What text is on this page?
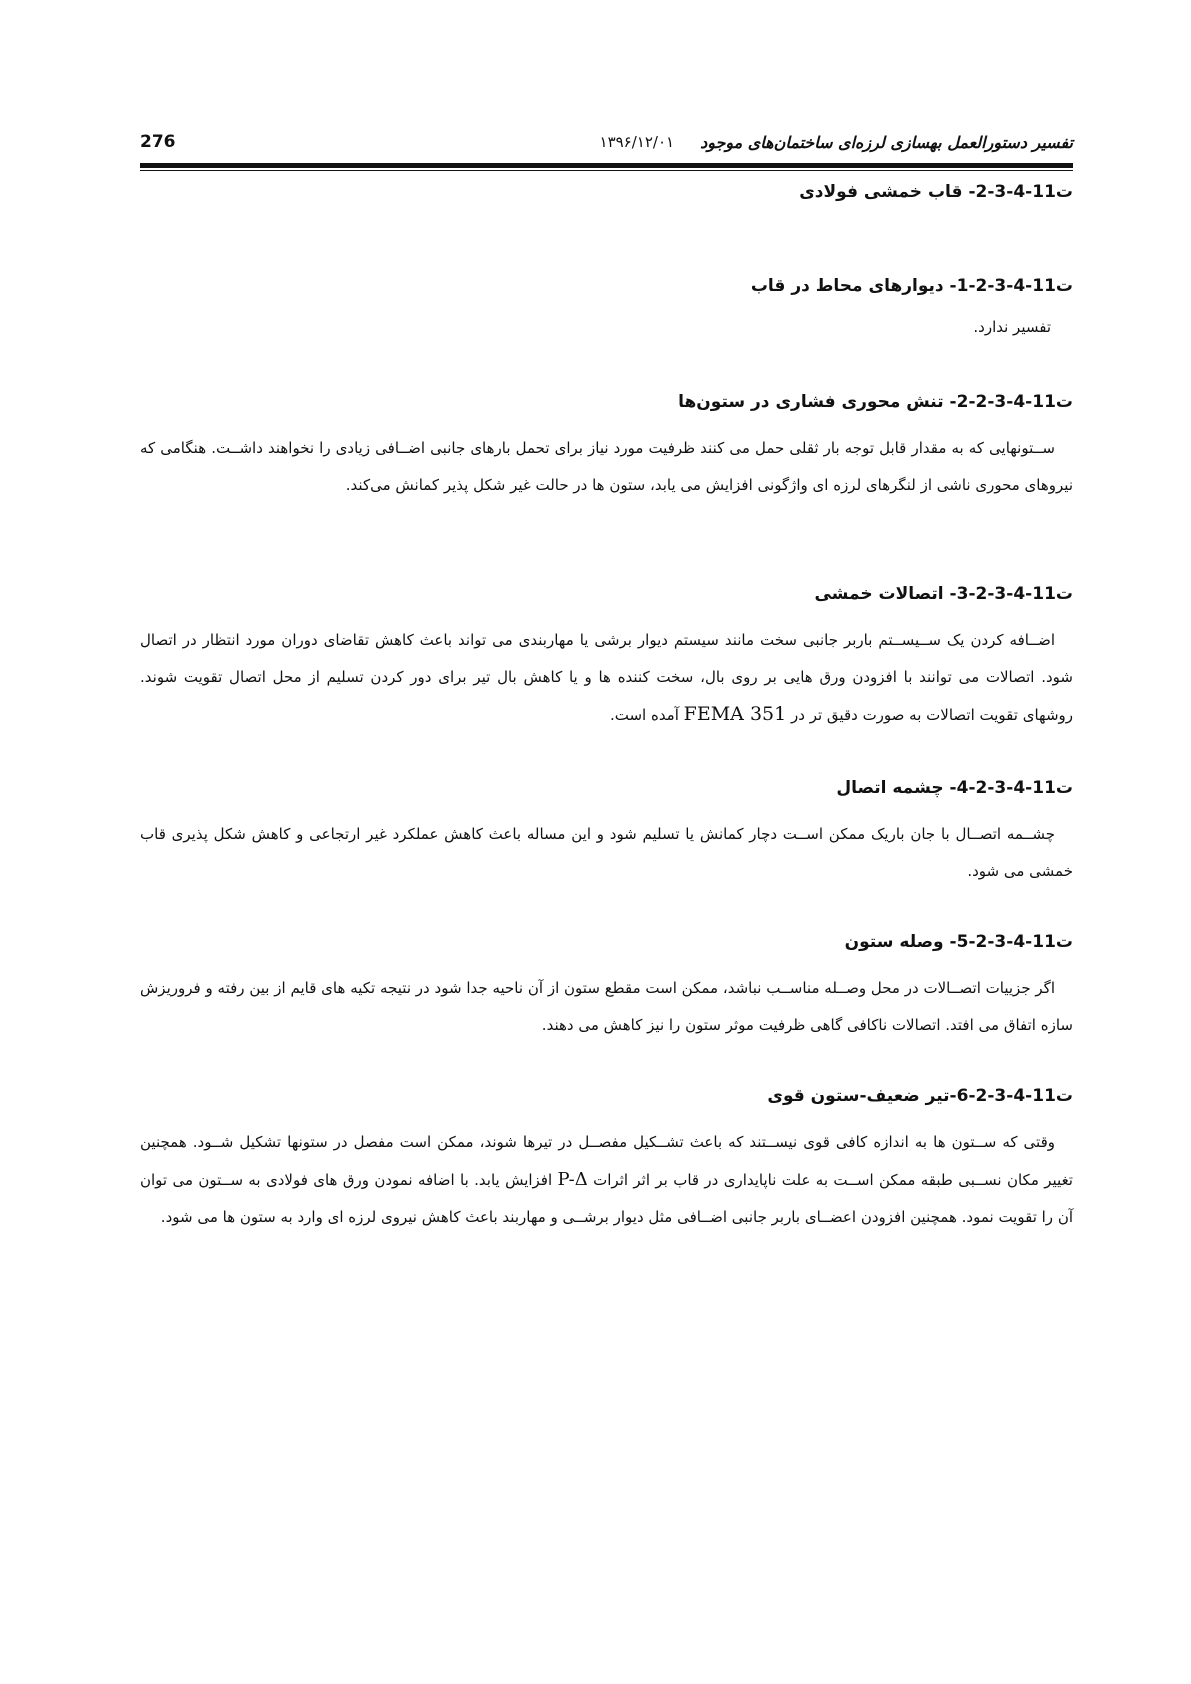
276	تفسیر دستورالعمل بهسازی لرزه‌ای ساختمان‌های موجود
۱۳۹۶/۱۲/۰۱
ت11-4-3-2- قاب خمشی فولادی
ت11-4-3-2-1- دیوارهای محاط در قاب

تفسیر ندارد.

ت11-4-3-2-2- تنش محوری فشاری در ستون‌ها

ســتونهایی که به مقدار قابل توجه بار ثقلی حمل می کنند ظرفیت مورد نیاز برای تحمل بارهای جانبی اضــافی زیادی را نخواهند داشــت. هنگامی که نیروهای محوری ناشی از لنگرهای لرزه ای واژگونی افزایش می یابد، ستون ها در حالت غیر شکل پذیر کمانش می‌کند.

ت11-4-3-2-3- اتصالات خمشی

اضــافه کردن یک ســیســتم باربر جانبی سخت مانند سیستم دیوار برشی یا مهاربندی می تواند باعث کاهش تقاضای دوران مورد انتظار در اتصال شود. اتصالات می توانند با افزودن ورق هایی بر روی بال، سخت کننده ها و یا کاهش بال تیر برای دور کردن تسلیم از محل اتصال تقویت شوند. روشهای تقویت اتصالات به صورت دقیق تر در FEMA 351 آمده است.

ت11-4-3-2-4- چشمه اتصال

چشــمه اتصــال با جان باریک ممکن اســت دچار کمانش یا تسلیم شود و این مساله باعث کاهش عملکرد غیر ارتجاعی و کاهش شکل پذیری قاب خمشی می شود.

ت11-4-3-2-5- وصله ستون

اگر جزییات اتصــالات در محل وصــله مناســب نباشد، ممکن است مقطع ستون از آن ناحیه جدا شود در نتیجه تکیه های قایم از بین رفته و فروریزش سازه اتفاق می افتد. اتصالات ناکافی گاهی ظرفیت موثر ستون را نیز کاهش می دهند.

ت11-4-3-2-6-تیر ضعیف-ستون قوی

وقتی که ســتون ها به اندازه کافی قوی نیســتند که باعث تشــکیل مفصــل در تیرها شوند، ممکن است مفصل در ستونها تشکیل شــود. همچنین تغییر مکان نســبی طبقه ممکن اســت به علت ناپایداری در قاب بر اثر اثرات P-Δ افزایش یابد. با اضافه نمودن ورق های فولادی به ســتون می توان آن را تقویت نمود. همچنین افزودن اعضــای باربر جانبی اضــافی مثل دیوار برشــی و مهاربند باعث کاهش نیروی لرزه ای وارد به ستون ها می شود.
